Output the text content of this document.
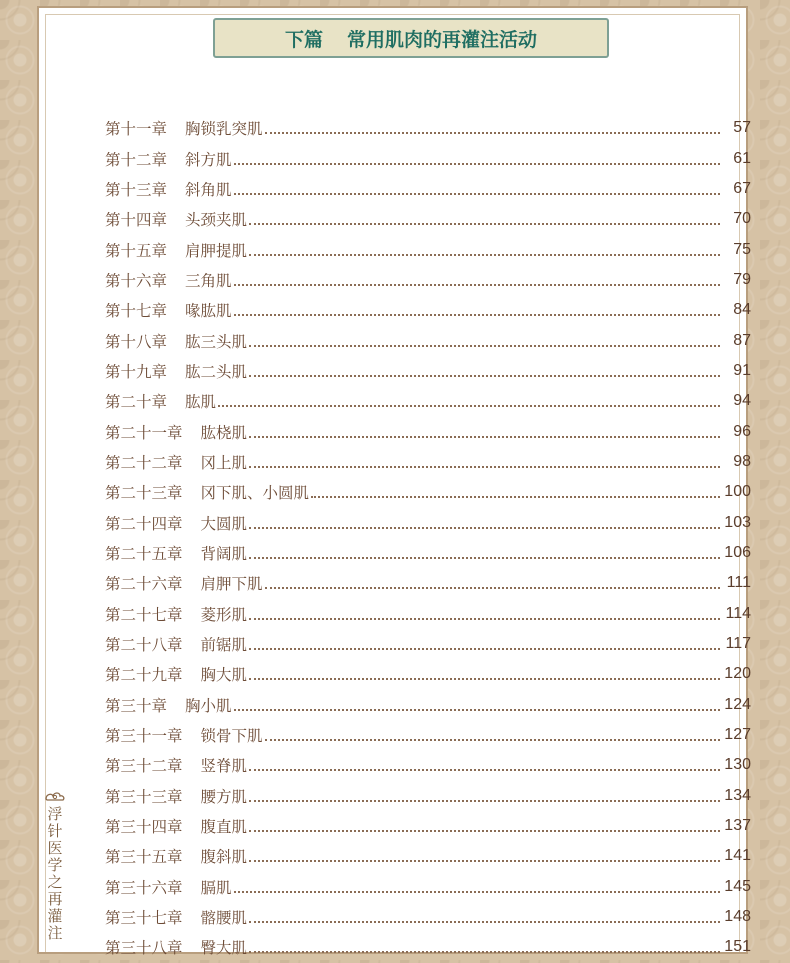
下篇 常用肌肉的再灌注活动
第十一章	胸锁乳突肌	57
第十二章	斜方肌	61
第十三章	斜角肌	67
第十四章	头颈夹肌	70
第十五章	肩胛提肌	75
第十六章	三角肌	79
第十七章	喙肱肌	84
第十八章	肱三头肌	87
第十九章	肱二头肌	91
第二十章	肱肌	94
第二十一章	肱桡肌	96
第二十二章	冈上肌	98
第二十三章	冈下肌、小圆肌	100
第二十四章	大圆肌	103
第二十五章	背阔肌	106
第二十六章	肩胛下肌	111
第二十七章	菱形肌	114
第二十八章	前锯肌	117
第二十九章	胸大肌	120
第三十章	胸小肌	124
第三十一章	锁骨下肌	127
第三十二章	竖脊肌	130
第三十三章	腰方肌	134
第三十四章	腹直肌	137
第三十五章	腹斜肌	141
第三十六章	膈肌	145
第三十七章	髂腰肌	148
第三十八章	臀大肌	151
浮针医学之再灌注
